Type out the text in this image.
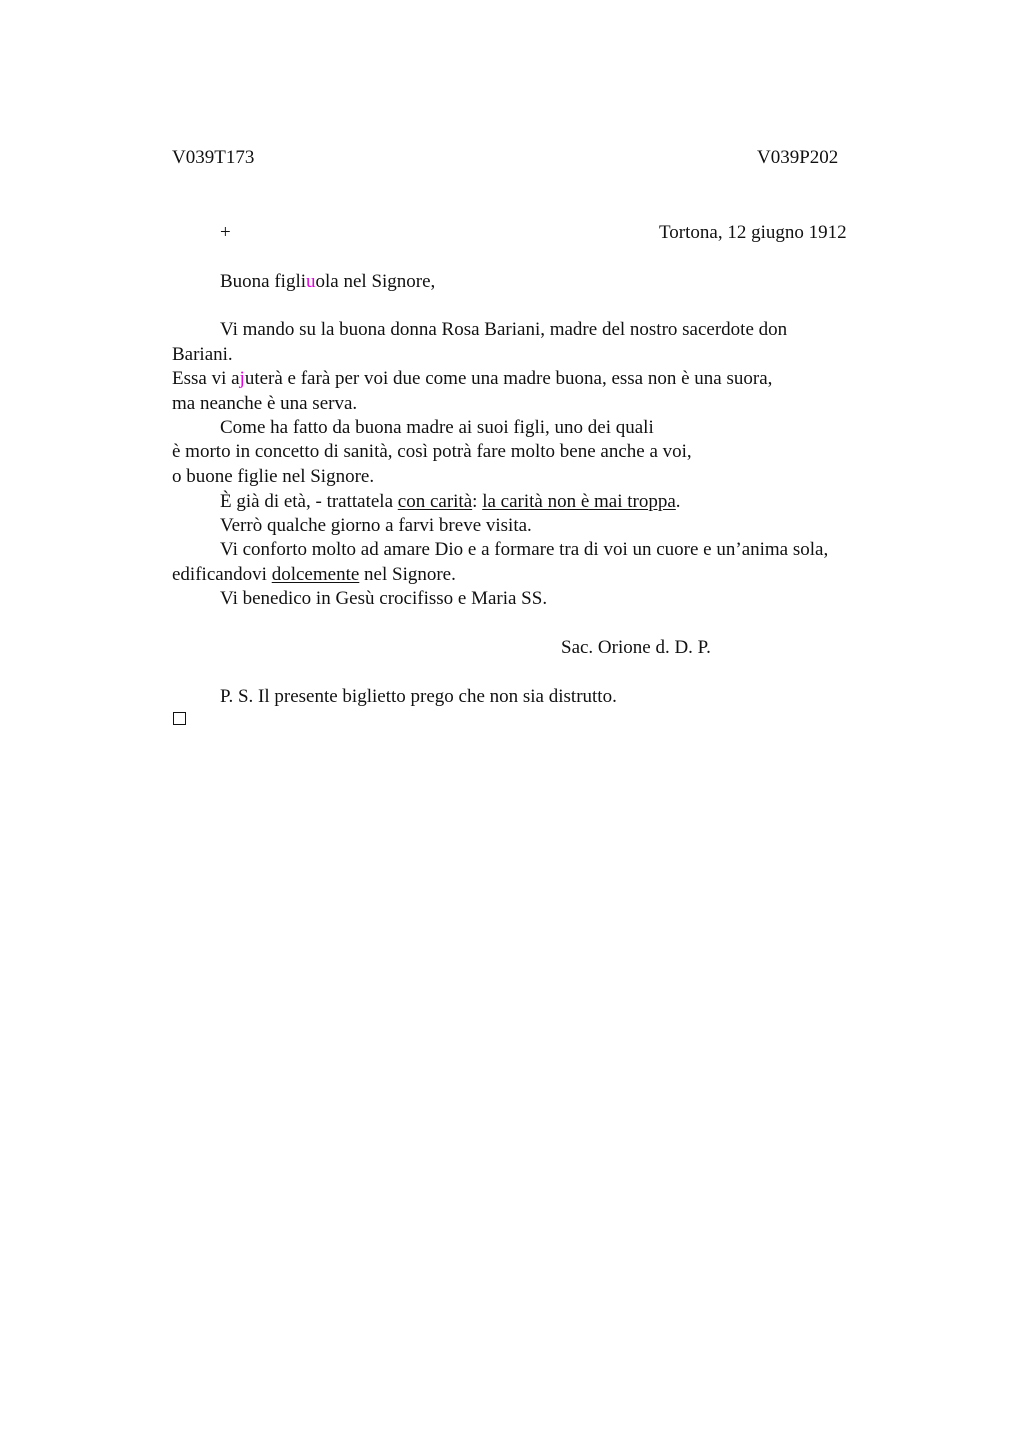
V039T173	V039P202
+	Tortona, 12 giugno 1912
Buona figliuola nel Signore,
Vi mando su la buona donna Rosa Bariani, madre del nostro sacerdote don
Bariani.
Essa vi ajuterà e farà per voi due come una madre buona, essa non è una suora,
ma neanche è una serva.
Come ha fatto da buona madre ai suoi figli, uno dei quali
è morto in concetto di sanità, così potrà fare molto bene anche a voi,
o buone figlie nel Signore.
È già di età, - trattatela con carità: la carità non è mai troppa.
Verrò qualche giorno a farvi breve visita.
Vi conforto molto ad amare Dio e a formare tra di voi un cuore e un’anima sola,
edificandovi dolcemente nel Signore.
Vi benedico in Gesù crocifisso e Maria SS.
Sac. Orione d. D. P.
P. S. Il presente biglietto prego che non sia distrutto.
